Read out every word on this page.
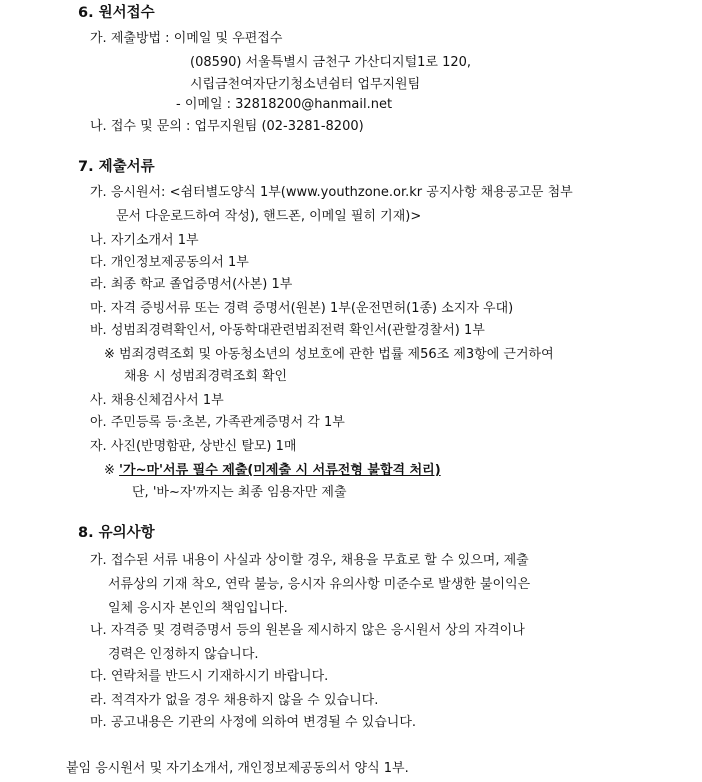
6. 원서접수
가. 제출방법 : 이메일 및 우편접수
(08590) 서울특별시 금천구 가산디지털1로 120,
시립금천여자단기청소년쉼터 업무지원팀
- 이메일 : 32818200@hanmail.net
나. 접수 및 문의 : 업무지원팀 (02-3281-8200)
7. 제출서류
가. 응시원서: <쉼터별도양식 1부(www.youthzone.or.kr 공지사항 채용공고문 첨부
문서 다운로드하여 작성), 핸드폰, 이메일 필히 기재)>
나. 자기소개서 1부
다. 개인정보제공동의서 1부
라. 최종 학교 졸업증명서(사본) 1부
마. 자격 증빙서류 또는 경력 증명서(원본) 1부(운전면허(1종) 소지자 우대)
바. 성범죄경력확인서, 아동학대관련범죄전력 확인서(관할경찰서) 1부
※ 범죄경력조회 및 아동청소년의 성보호에 관한 법률 제56조 제3항에 근거하여
채용 시 성범죄경력조회 확인
사. 채용신체검사서 1부
아. 주민등록 등·초본, 가족관계증명서 각 1부
자. 사진(반명함판, 상반신 탈모) 1매
※ '가~마'서류 필수 제출(미제출 시 서류전형 불합격 처리)
단, '바~자'까지는 최종 임용자만 제출
8. 유의사항
가. 접수된 서류 내용이 사실과 상이할 경우, 채용을 무효로 할 수 있으며, 제출
서류상의 기재 착오, 연락 불능, 응시자 유의사항 미준수로 발생한 불이익은
일체 응시자 본인의 책임입니다.
나. 자격증 및 경력증명서 등의 원본을 제시하지 않은 응시원서 상의 자격이나
경력은 인정하지 않습니다.
다. 연락처를 반드시 기재하시기 바랍니다.
라. 적격자가 없을 경우 채용하지 않을 수 있습니다.
마. 공고내용은 기관의 사정에 의하여 변경될 수 있습니다.
붙임 응시원서 및 자기소개서, 개인정보제공동의서 양식 1부.
